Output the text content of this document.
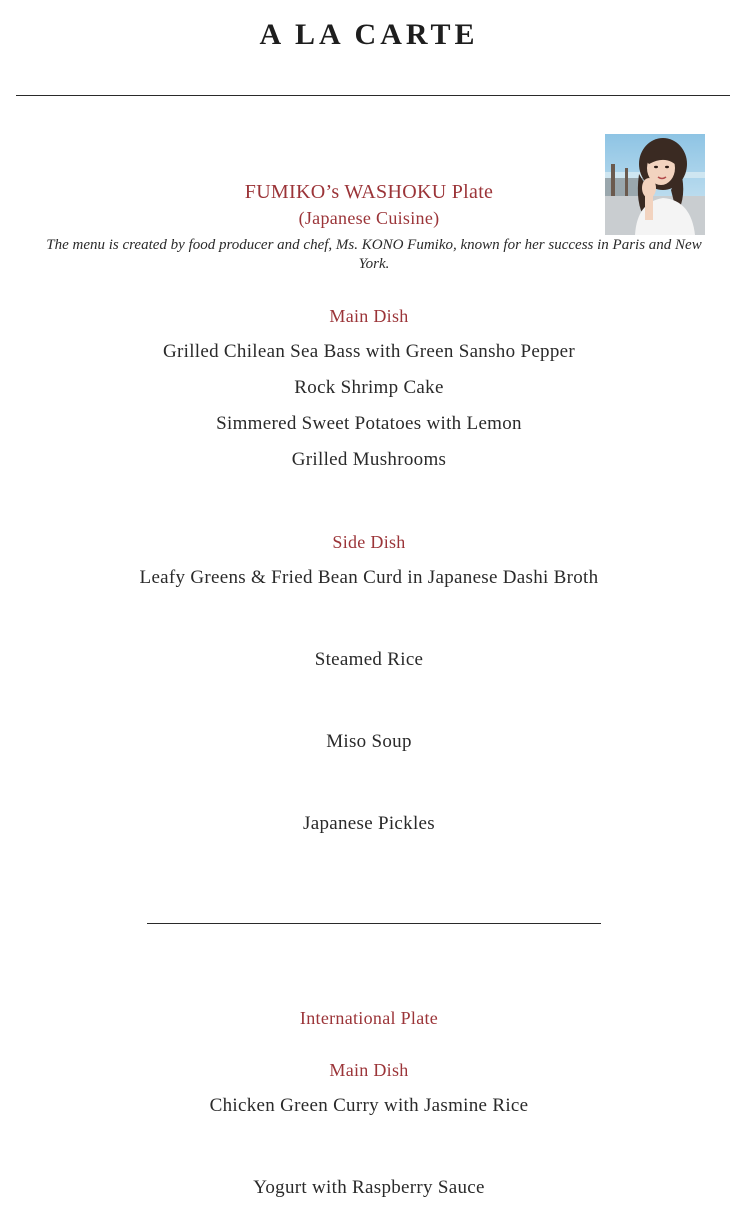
A LA CARTE
FUMIKO’s WASHOKU Plate
(Japanese Cuisine)
The menu is created by food producer and chef, Ms. KONO Fumiko, known for her success in Paris and New York.
Main Dish
Grilled Chilean Sea Bass with Green Sansho Pepper
Rock Shrimp Cake
Simmered Sweet Potatoes with Lemon
Grilled Mushrooms
Side Dish
Leafy Greens & Fried Bean Curd in Japanese Dashi Broth
Steamed Rice
Miso Soup
Japanese Pickles
International Plate
Main Dish
Chicken Green Curry with Jasmine Rice
Yogurt with Raspberry Sauce
